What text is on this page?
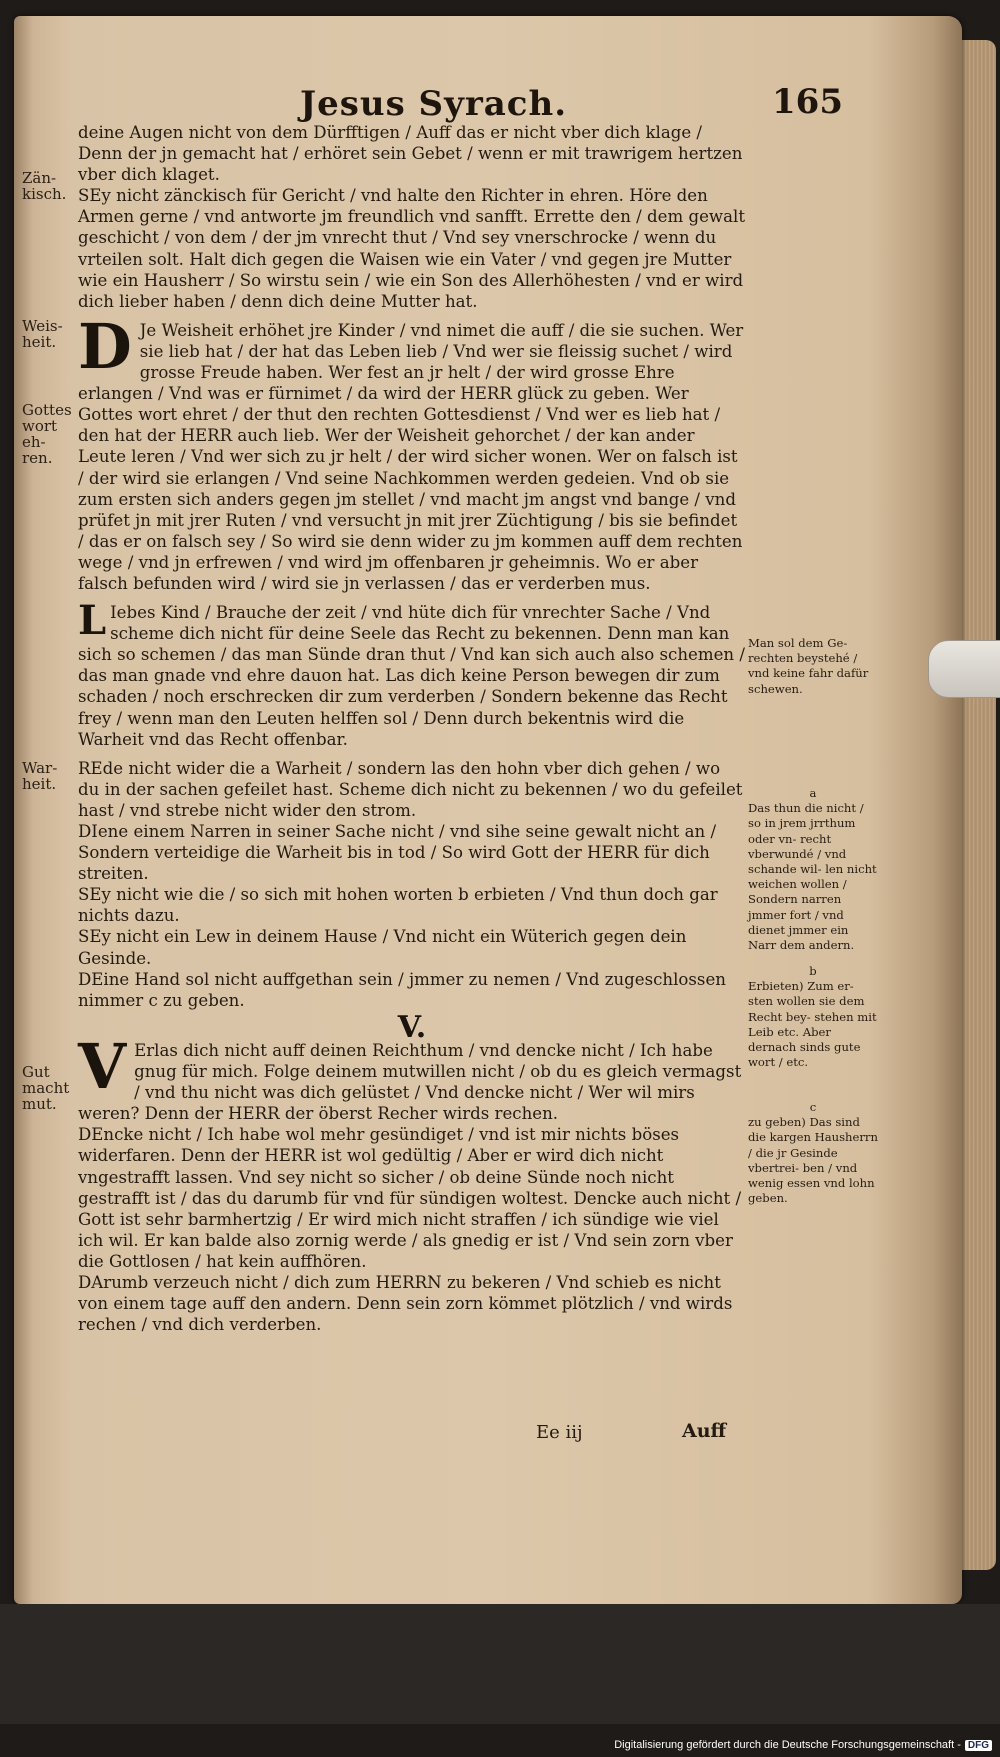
Jesus Syrach.	165

deine Augen nicht von dem Dürfftigen / Auff das er nicht vber dich klage / Denn der jn gemacht hat / erhöret sein Gebet / wenn er mit trawrigem hertzen vber dich klaget.

SEy nicht zänckisch für Gericht / vnd halte den Richter in ehren. Höre den Armen gerne / vnd antworte jm freundlich vnd sanfft. Errette den / dem gewalt geschicht / von dem / der jm vnrecht thut / Vnd sey vnerschrocke / wenn du vrteilen solt. Halt dich gegen die Waisen wie ein Vater / vnd gegen jre Mutter wie ein Hausherr / So wirstu sein / wie ein Son des Allerhöhesten / vnd er wird dich lieber haben / denn dich deine Mutter hat.

D Je Weisheit erhöhet jre Kinder / vnd nimet die auff / die sie suchen. Wer sie lieb hat / der hat das Leben lieb / Vnd wer sie fleissig suchet / wird grosse Freude haben. Wer fest an jr helt / der wird grosse Ehre erlangen / Vnd was er fürnimet / da wird der HERR glück zu geben. Wer Gottes wort ehret / der thut den rechten Gottesdienst / Vnd wer es lieb hat / den hat der HERR auch lieb. Wer der Weisheit gehorchet / der kan ander Leute leren / Vnd wer sich zu jr helt / der wird sicher wonen. Wer on falsch ist / der wird sie erlangen / Vnd seine Nachkommen werden gedeien. Vnd ob sie zum ersten sich anders gegen jm stellet / vnd macht jm angst vnd bange / vnd prüfet jn mit jrer Ruten / vnd versucht jn mit jrer Züchtigung / bis sie befindet / das er on falsch sey / So wird sie denn wider zu jm kommen auff dem rechten wege / vnd jn erfrewen / vnd wird jm offenbaren jr geheimnis. Wo er aber falsch befunden wird / wird sie jn verlassen / das er verderben mus.

L Iebes Kind / Brauche der zeit / vnd hüte dich für vnrechter Sache / Vnd scheme dich nicht für deine Seele das Recht zu bekennen. Denn man kan sich so schemen / das man Sünde dran thut / Vnd kan sich auch also schemen / das man gnade vnd ehre dauon hat. Las dich keine Person bewegen dir zum schaden / noch erschrecken dir zum verderben / Sondern bekenne das Recht frey / wenn man den Leuten helffen sol / Denn durch bekentnis wird die Warheit vnd das Recht offenbar.

REde nicht wider die a Warheit / sondern las den hohn vber dich gehen / wo du in der sachen gefeilet hast. Scheme dich nicht zu bekennen / wo du gefeilet hast / vnd strebe nicht wider den strom.

DIene einem Narren in seiner Sache nicht / vnd sihe seine gewalt nicht an / Sondern verteidige die Warheit bis in tod / So wird Gott der HERR für dich streiten.

SEy nicht wie die / so sich mit hohen worten b erbieten / Vnd thun doch gar nichts dazu.

SEy nicht ein Lew in deinem Hause / Vnd nicht ein Wüterich gegen dein Gesinde.

DEine Hand sol nicht auffgethan sein / jmmer zu nemen / Vnd zugeschlossen nimmer c zu geben.

V.

V Erlas dich nicht auff deinen Reichthum / vnd dencke nicht / Ich habe gnug für mich. Folge deinem mutwillen nicht / ob du es gleich vermagst / vnd thu nicht was dich gelüstet / Vnd dencke nicht / Wer wil mirs weren? Denn der HERR der öberst Recher wirds rechen.

DEncke nicht / Ich habe wol mehr gesündiget / vnd ist mir nichts böses widerfaren. Denn der HERR ist wol gedültig / Aber er wird dich nicht vngestrafft lassen. Vnd sey nicht so sicher / ob deine Sünde noch nicht gestrafft ist / das du darumb für vnd für sündigen woltest. Dencke auch nicht / Gott ist sehr barmhertzig / Er wird mich nicht straffen / ich sündige wie viel ich wil. Er kan balde also zornig werde / als gnedig er ist / Vnd sein zorn vber die Gottlosen / hat kein auffhören.

DArumb verzeuch nicht / dich zum HERRN zu bekeren / Vnd schieb es nicht von einem tage auff den andern. Denn sein zorn kömmet plötzlich / vnd wirds rechen / vnd dich verderben.

Zän- kisch.
Weis- heit.
Gottes wort eh- ren.
War- heit.
Gut macht mut.

Man sol dem Ge- rechten beystehé / vnd keine fahr dafür schewen.

a

Das thun die nicht / so in jrem jrrthum oder vn- recht vberwundé / vnd schande wil- len nicht weichen wollen / Sondern narren jmmer fort / vnd dienet jmmer ein Narr dem andern.

b

Erbieten) Zum er- sten wollen sie dem Recht bey- stehen mit Leib etc. Aber dernach sinds gute wort / etc.

c

zu geben) Das sind die kargen Hausherrn / die jr Gesinde vbertrei- ben / vnd wenig essen vnd lohn geben.

Ee iij	Auff
Digitalisierung gefördert durch die Deutsche Forschungsgemeinschaft - DFG
